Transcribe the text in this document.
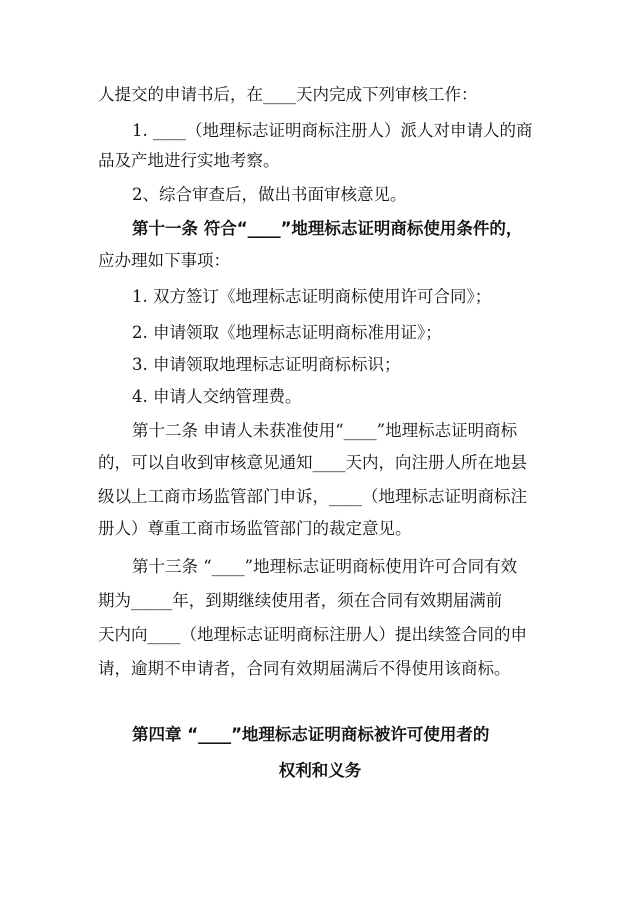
人提交的申请书后，在____天内完成下列审核工作：
1. ____（地理标志证明商标注册人）派人对申请人的商
品及产地进行实地考察。
2、综合审查后，做出书面审核意见。
第十一条 符合“____”地理标志证明商标使用条件的，
应办理如下事项：
1. 双方签订《地理标志证明商标使用许可合同》；
2. 申请领取《地理标志证明商标准用证》；
3. 申请领取地理标志证明商标标识；
4. 申请人交纳管理费。
第十二条 申请人未获准使用“____”地理标志证明商标
的，可以自收到审核意见通知____天内，向注册人所在地县
级以上工商市场监管部门申诉，____（地理标志证明商标注
册人）尊重工商市场监管部门的裁定意见。
第十三条 “____”地理标志证明商标使用许可合同有效
期为_____年，到期继续使用者，须在合同有效期届满前
天内向____（地理标志证明商标注册人）提出续签合同的申
请，逾期不申请者，合同有效期届满后不得使用该商标。
第四章 “____”地理标志证明商标被许可使用者的
权利和义务
